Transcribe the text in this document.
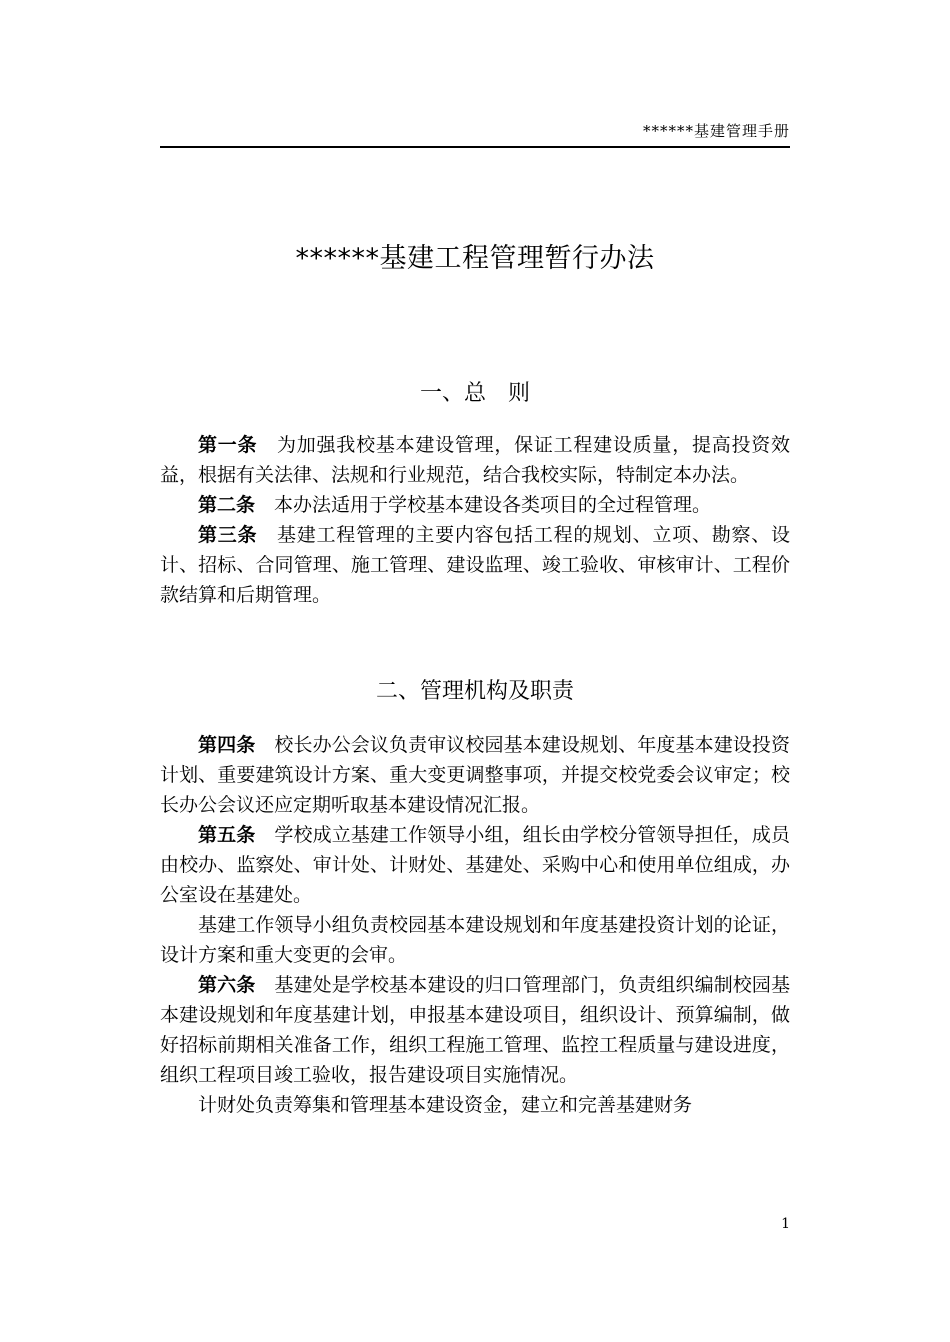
******基建管理手册
******基建工程管理暂行办法
一、总　则

第一条 为加强我校基本建设管理，保证工程建设质量，提高投资效益，根据有关法律、法规和行业规范，结合我校实际，特制定本办法。

第二条 本办法适用于学校基本建设各类项目的全过程管理。

第三条 基建工程管理的主要内容包括工程的规划、立项、勘察、设计、招标、合同管理、施工管理、建设监理、竣工验收、审核审计、工程价款结算和后期管理。

二、管理机构及职责

第四条 校长办公会议负责审议校园基本建设规划、年度基本建设投资计划、重要建筑设计方案、重大变更调整事项，并提交校党委会议审定；校长办公会议还应定期听取基本建设情况汇报。

第五条 学校成立基建工作领导小组，组长由学校分管领导担任，成员由校办、监察处、审计处、计财处、基建处、采购中心和使用单位组成，办公室设在基建处。

基建工作领导小组负责校园基本建设规划和年度基建投资计划的论证，设计方案和重大变更的会审。

第六条 基建处是学校基本建设的归口管理部门，负责组织编制校园基本建设规划和年度基建计划，申报基本建设项目，组织设计、预算编制，做好招标前期相关准备工作，组织工程施工管理、监控工程质量与建设进度，组织工程项目竣工验收，报告建设项目实施情况。

计财处负责筹集和管理基本建设资金，建立和完善基建财务

1
